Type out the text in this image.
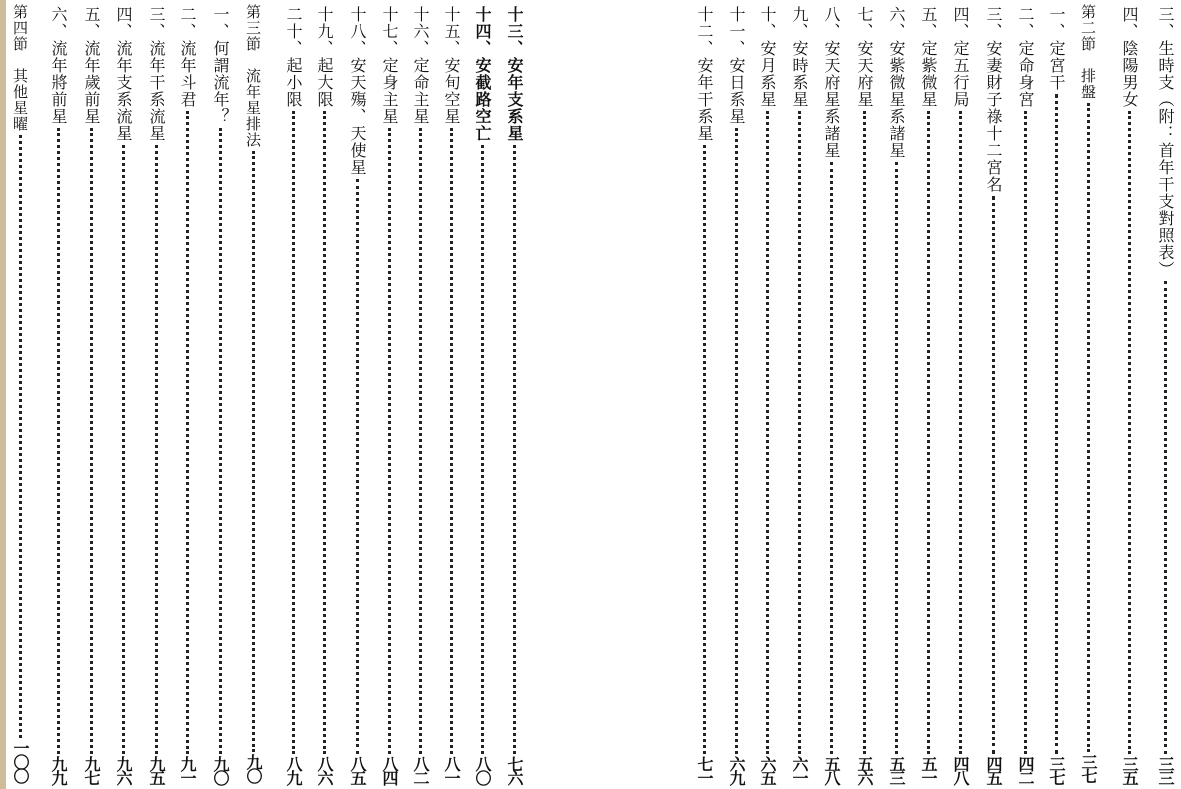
十三、安年支系星
七六
十四、安截路空亡
八〇
十五、安旬空星
八一
十六、定命主星
八二
十七、定身主星
八四
十八、安天殤、天使星
八五
十九、起大限
八六
二十、起小限
八九
第三節　流年星排法
九〇
一、何謂流年？
九〇
二、流年斗君
九一
三、流年干系流星
九五
四、流年支系流星
九六
五、流年歲前星
九七
六、流年將前星
九九
第四節　其他星曜
一〇〇
三、生時支（附：首年干支對照表）
三三
四、陰陽男女
三五
第二節　排盤
三七
一、定宮干
三七
二、定命身宮
四二
三、安妻財子祿十二宮名
四五
四、定五行局
四八
五、定紫微星
五一
六、安紫微星系諸星
五三
七、安天府星
五六
八、安天府星系諸星
五八
九、安時系星
六一
十、安月系星
六五
十一、安日系星
六九
十二、安年干系星
七一
